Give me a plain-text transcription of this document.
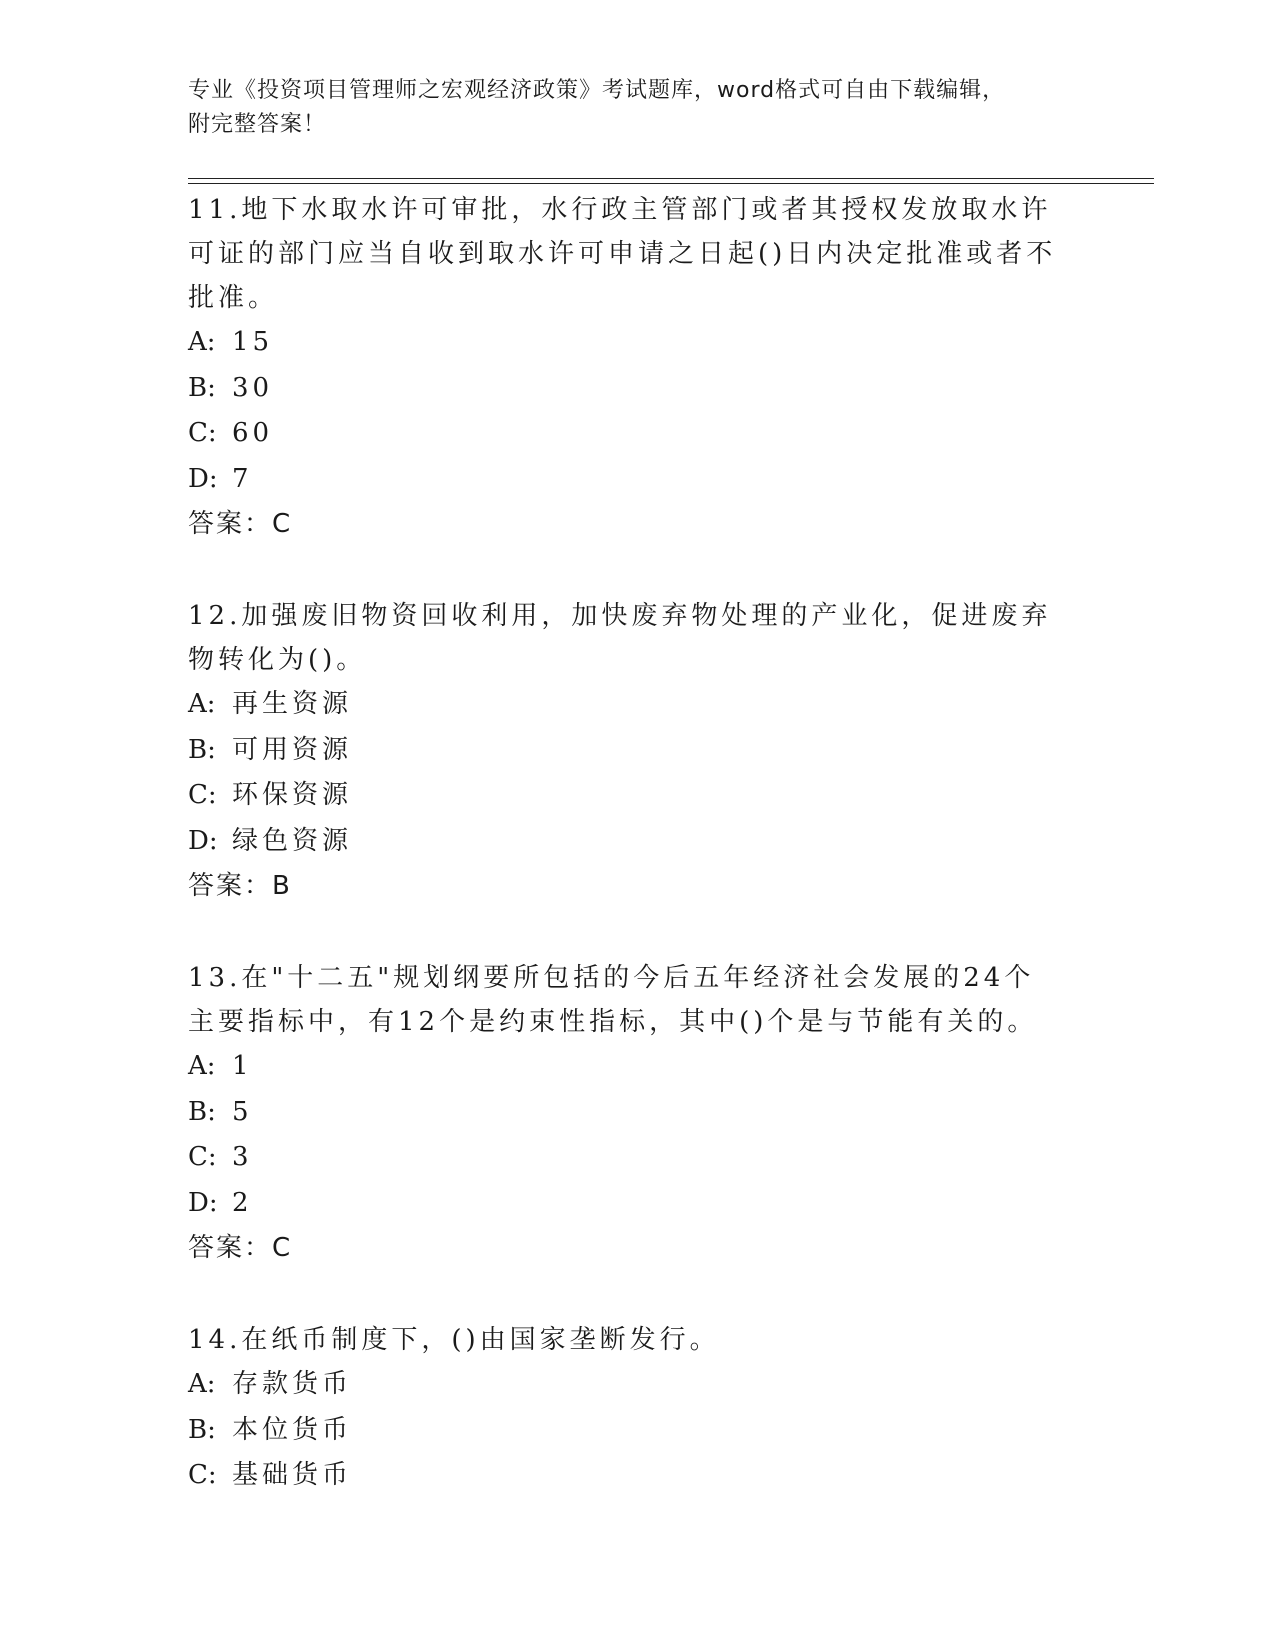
专业《投资项目管理师之宏观经济政策》考试题库，word格式可自由下载编辑，
附完整答案！

11.地下水取水许可审批，水行政主管部门或者其授权发放取水许可证的部门应当自收到取水许可申请之日起()日内决定批准或者不批准。

A: 15
B: 30
C: 60
D: 7
答案：C

12.加强废旧物资回收利用，加快废弃物处理的产业化，促进废弃物转化为()。

A: 再生资源
B: 可用资源
C: 环保资源
D: 绿色资源
答案：B

13.在"十二五"规划纲要所包括的今后五年经济社会发展的24个主要指标中，有12个是约束性指标，其中()个是与节能有关的。

A: 1
B: 5
C: 3
D: 2
答案：C

14.在纸币制度下，()由国家垄断发行。

A: 存款货币
B: 本位货币
C: 基础货币
